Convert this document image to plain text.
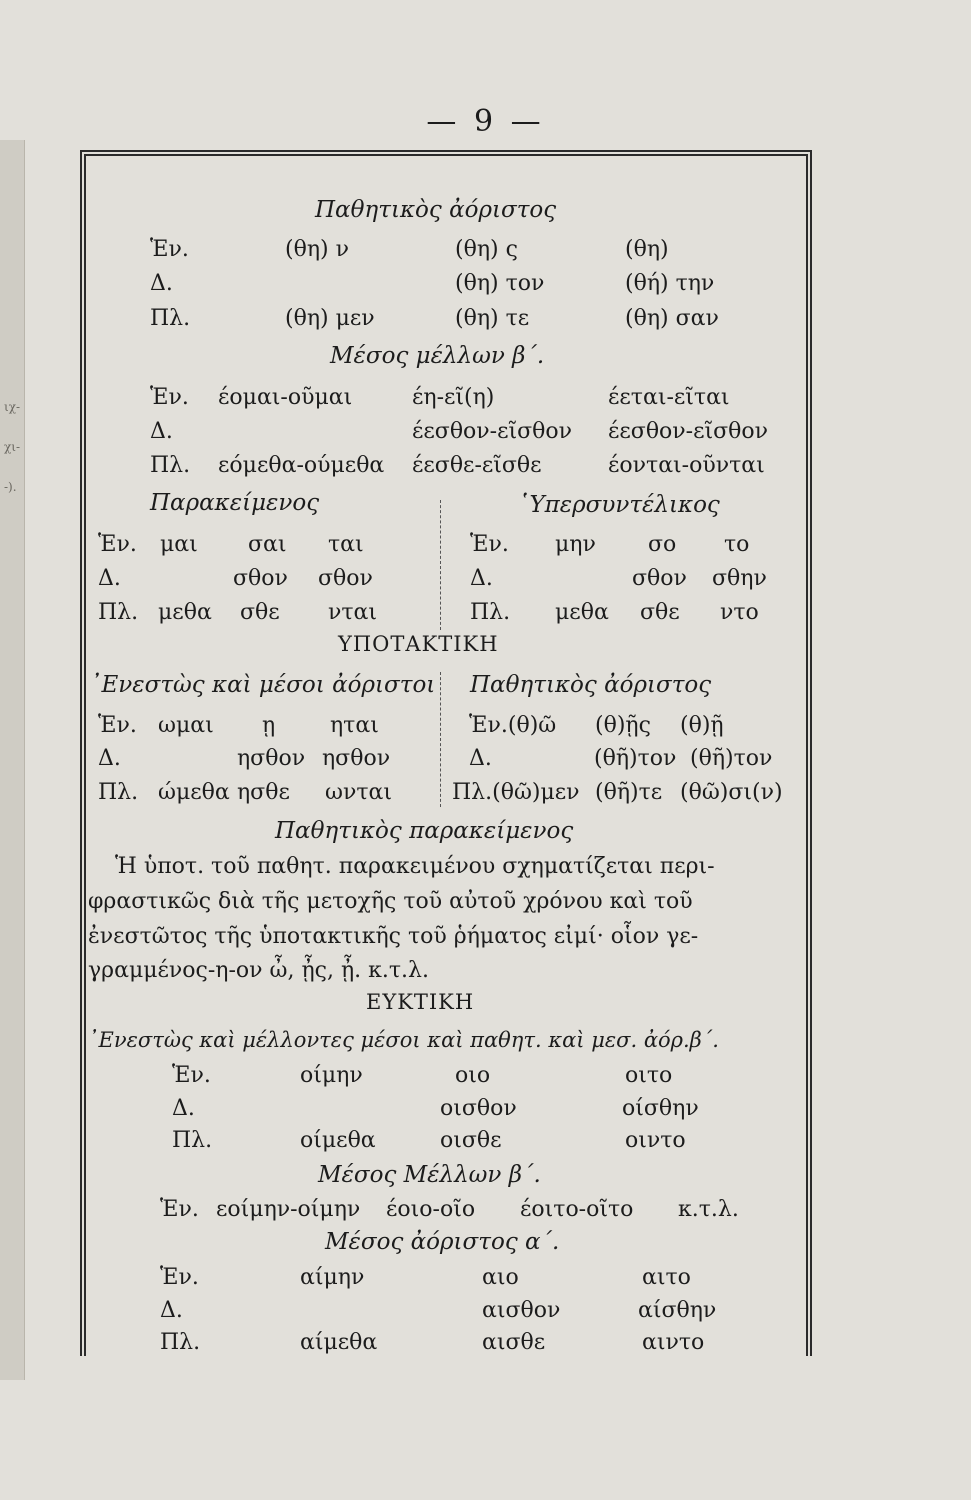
ιχ-
χι-
-).
— 9 —
Παθητικὸς ἀόριστος
Ἑν.	(θη) ν	(θη) ς	(θη)
Δ.	(θη) τον	(θή) την
Πλ.	(θη) μεν	(θη) τε	(θη) σαν
Μέσος μέλλων β΄.
Ἑν. έομαι-οῦμαι	έη-εῖ(η)	έεται-εῖται
Δ.	έεσθον-εῖσθον έεσθον-εῖσθον
Πλ. εόμεθα-ούμεθα έεσθε-εῖσθε	έονται-οῦνται
Παρακείμενος	῾Υπερσυντέλικος
Ἑν. μαι σαι ται
Δ.	σθον σθον
Πλ. μεθα σθε νται
Ἑν. μην σο το
Δ.	σθον σθην
Πλ. μεθα σθε ντο
ΥΠΟΤΑΚΤΙΚΗ
᾿Ενεστὼς καὶ μέσοι ἀόριστοι Παθητικὸς ἀόριστος
Ἑν. ωμαι ῃ ηται
Δ.	ησθον ησθον
Πλ. ώμεθα ησθε ωνται
Ἑν.(θ)ῶ (θ)ῇς (θ)ῇ
Δ.	(θῆ)τον (θῆ)τον
Πλ.(θῶ)μεν (θῆ)τε (θῶ)σι(ν)
Παθητικὸς παρακείμενος
Ἡ ὑποτ. τοῦ παθητ. παρακειμένου σχηματίζεται περι-
φραστικῶς διὰ τῆς μετοχῆς τοῦ αὐτοῦ χρόνου καὶ τοῦ
ἐνεστῶτος τῆς ὑποτακτικῆς τοῦ ῥήματος εἰμί· οἷον γε-
γραμμένος-η-ον ὦ, ᾖς, ᾖ. κ.τ.λ.
ΕΥΚΤΙΚΗ
᾿Ενεστὼς καὶ μέλλοντες μέσοι καὶ παθητ. καὶ μεσ. ἀόρ.β΄.
Ἑν.	οίμην	οιο	οιτο
Δ.	οισθον	οίσθην
Πλ.	οίμεθα	οισθε	οιντο
Μέσος Μέλλων β΄.
Ἑν. εοίμην-οίμην έοιο-οῖο έοιτο-οῖτο κ.τ.λ.
Μέσος ἀόριστος α΄.
Ἑν.	αίμην	αιο	αιτο
Δ.	αισθον	αίσθην
Πλ.	αίμεθα	αισθε	αιντο
